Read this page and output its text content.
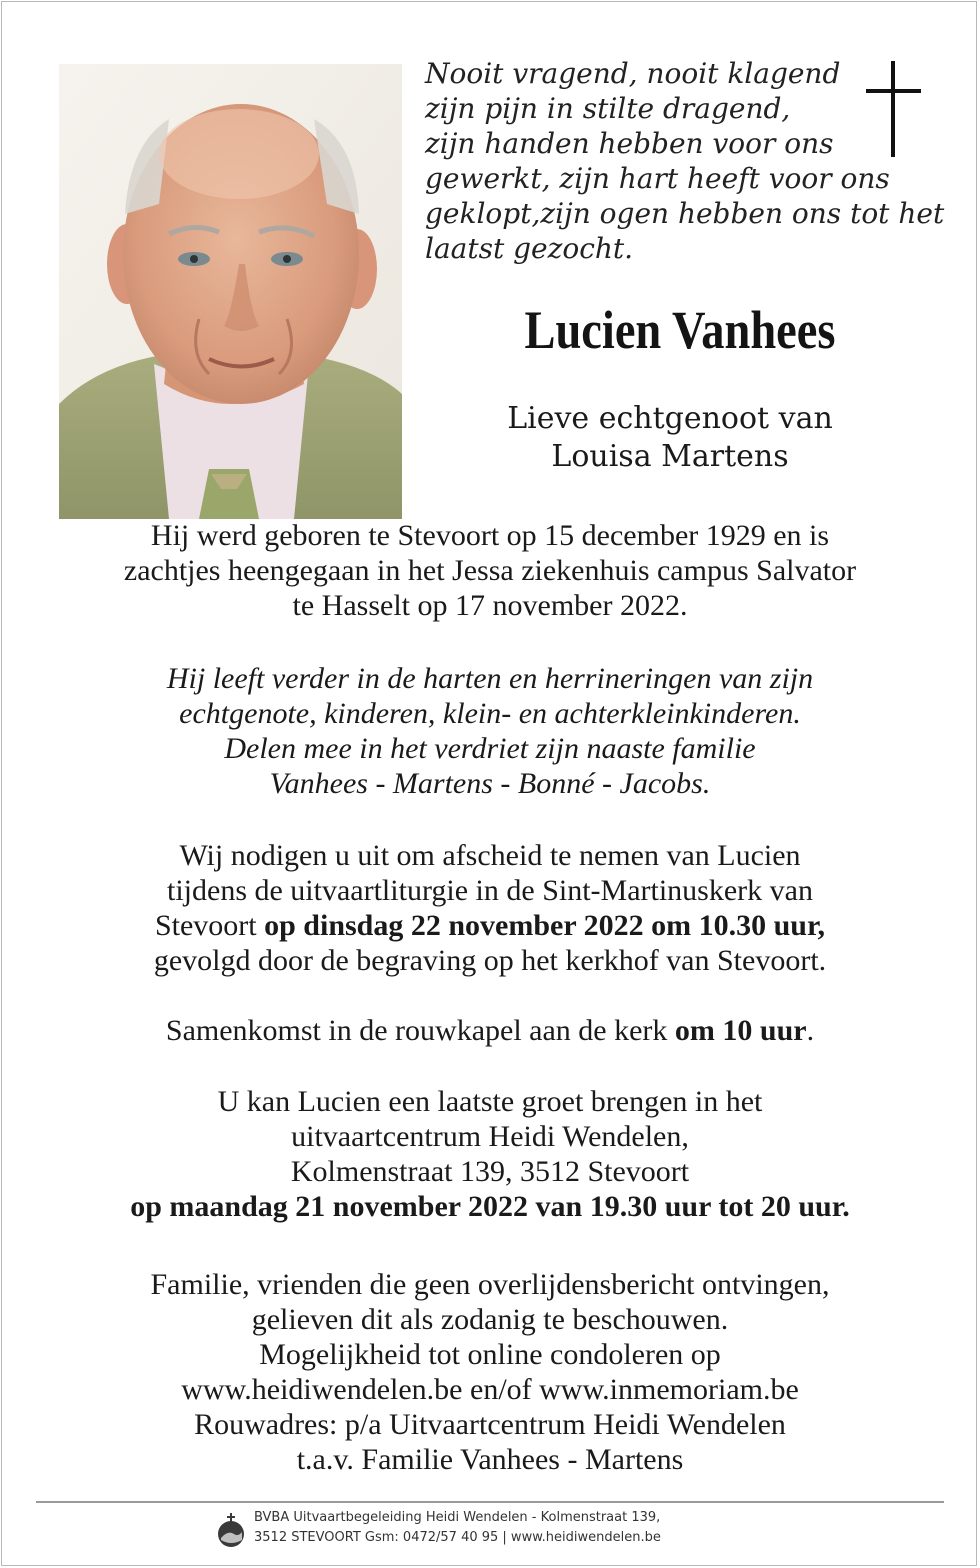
Nooit vragend, nooit klagend
zijn pijn in stilte dragend,
zijn handen hebben voor ons
gewerkt, zijn hart heeft voor ons
geklopt,zijn ogen hebben ons tot het
laatst gezocht.
Lucien Vanhees
Lieve echtgenoot van
Louisa Martens
Hij werd geboren te Stevoort op 15 december 1929 en is
zachtjes heengegaan in het Jessa ziekenhuis campus Salvator
te Hasselt op 17 november 2022.
Hij leeft verder in de harten en herrineringen van zijn
echtgenote, kinderen, klein- en achterkleinkinderen.
Delen mee in het verdriet zijn naaste familie
Vanhees - Martens - Bonné - Jacobs.
Wij nodigen u uit om afscheid te nemen van Lucien
tijdens de uitvaartliturgie in de Sint-Martinuskerk van
Stevoort op dinsdag 22 november 2022 om 10.30 uur,
gevolgd door de begraving op het kerkhof van Stevoort.
Samenkomst in de rouwkapel aan de kerk om 10 uur.
U kan Lucien een laatste groet brengen in het
uitvaartcentrum Heidi Wendelen,
Kolmenstraat 139, 3512 Stevoort
op maandag 21 november 2022 van 19.30 uur tot 20 uur.
Familie, vrienden die geen overlijdensbericht ontvingen,
gelieven dit als zodanig te beschouwen.
Mogelijkheid tot online condoleren op
www.heidiwendelen.be en/of www.inmemoriam.be
Rouwadres: p/a Uitvaartcentrum Heidi Wendelen
t.a.v. Familie Vanhees - Martens
BVBA Uitvaartbegeleiding Heidi Wendelen - Kolmenstraat 139,
3512 STEVOORT Gsm: 0472/57 40 95 | www.heidiwendelen.be
